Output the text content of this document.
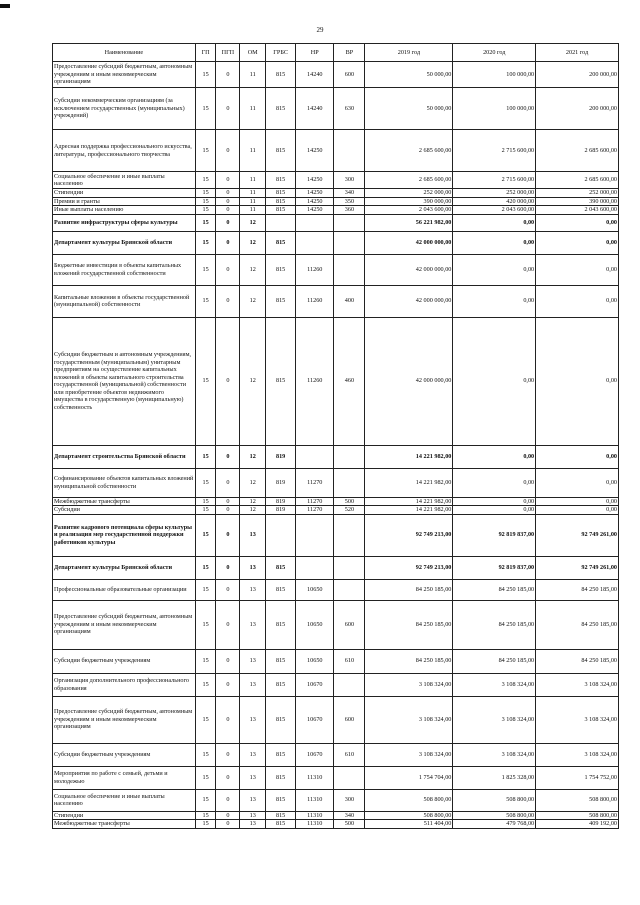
29
Наименование	ГП	ПГП	ОМ	ГРБС	НР	ВР	2019 год	2020 год	2021 год
Предоставление субсидий бюджетным, автономным учреждениям и иным некоммерческим организациям	15	0	11	815	14240	600	50 000,00	100 000,00	200 000,00
Субсидии некоммерческим организациям (за исключением государственных (муниципальных) учреждений)	15	0	11	815	14240	630	50 000,00	100 000,00	200 000,00
Адресная поддержка профессионального искусства, литературы, профессионального творчества	15	0	11	815	14250		2 685 600,00	2 715 600,00	2 685 600,00
Социальное обеспечение и иные выплаты населению	15	0	11	815	14250	300	2 685 600,00	2 715 600,00	2 685 600,00
Стипендии	15	0	11	815	14250	340	252 000,00	252 000,00	252 000,00
Премии и гранты	15	0	11	815	14250	350	390 000,00	420 000,00	390 000,00
Иные выплаты населению	15	0	11	815	14250	360	2 043 600,00	2 043 600,00	2 043 600,00
Развитие инфраструктуры сферы культуры	15	0	12				56 221 982,00	0,00	0,00
Департамент культуры Брянской области	15	0	12	815			42 000 000,00	0,00	0,00
Бюджетные инвестиции в объекты капитальных вложений государственной собственности	15	0	12	815	11260		42 000 000,00	0,00	0,00
Капитальные вложения в объекты государственной (муниципальной) собственности	15	0	12	815	11260	400	42 000 000,00	0,00	0,00
Субсидии бюджетным и автономным учреждениям, государственным (муниципальным) унитарным предприятиям на осуществление капитальных вложений в объекты капитального строительства государственной (муниципальной) собственности или приобретение объектов недвижимого имущества в государственную (муниципальную) собственность	15	0	12	815	11260	460	42 000 000,00	0,00	0,00
Департамент строительства Брянской области	15	0	12	819			14 221 982,00	0,00	0,00
Софинансирование объектов капитальных вложений муниципальной собственности	15	0	12	819	11270		14 221 982,00	0,00	0,00
Межбюджетные трансферты	15	0	12	819	11270	500	14 221 982,00	0,00	0,00
Субсидии	15	0	12	819	11270	520	14 221 982,00	0,00	0,00
Развитие кадрового потенциала сферы культуры и реализация мер государственной поддержки работников культуры	15	0	13				92 749 213,00	92 819 837,00	92 749 261,00
Департамент культуры Брянской области	15	0	13	815			92 749 213,00	92 819 837,00	92 749 261,00
Профессиональные образовательные организации	15	0	13	815	10650		84 250 185,00	84 250 185,00	84 250 185,00
Предоставление субсидий бюджетным, автономным учреждениям и иным некоммерческим организациям	15	0	13	815	10650	600	84 250 185,00	84 250 185,00	84 250 185,00
Субсидии бюджетным учреждениям	15	0	13	815	10650	610	84 250 185,00	84 250 185,00	84 250 185,00
Организация дополнительного профессионального образования	15	0	13	815	10670		3 108 324,00	3 108 324,00	3 108 324,00
Предоставление субсидий бюджетным, автономным учреждениям и иным некоммерческим организациям	15	0	13	815	10670	600	3 108 324,00	3 108 324,00	3 108 324,00
Субсидии бюджетным учреждениям	15	0	13	815	10670	610	3 108 324,00	3 108 324,00	3 108 324,00
Мероприятия по работе с семьей, детьми и молодежью	15	0	13	815	11310		1 754 704,00	1 825 328,00	1 754 752,00
Социальное обеспечение и иные выплаты населению	15	0	13	815	11310	300	508 800,00	508 800,00	508 800,00
Стипендии	15	0	13	815	11310	340	508 800,00	508 800,00	508 800,00
Межбюджетные трансферты	15	0	13	815	11310	500	511 404,00	479 768,00	409 192,00
